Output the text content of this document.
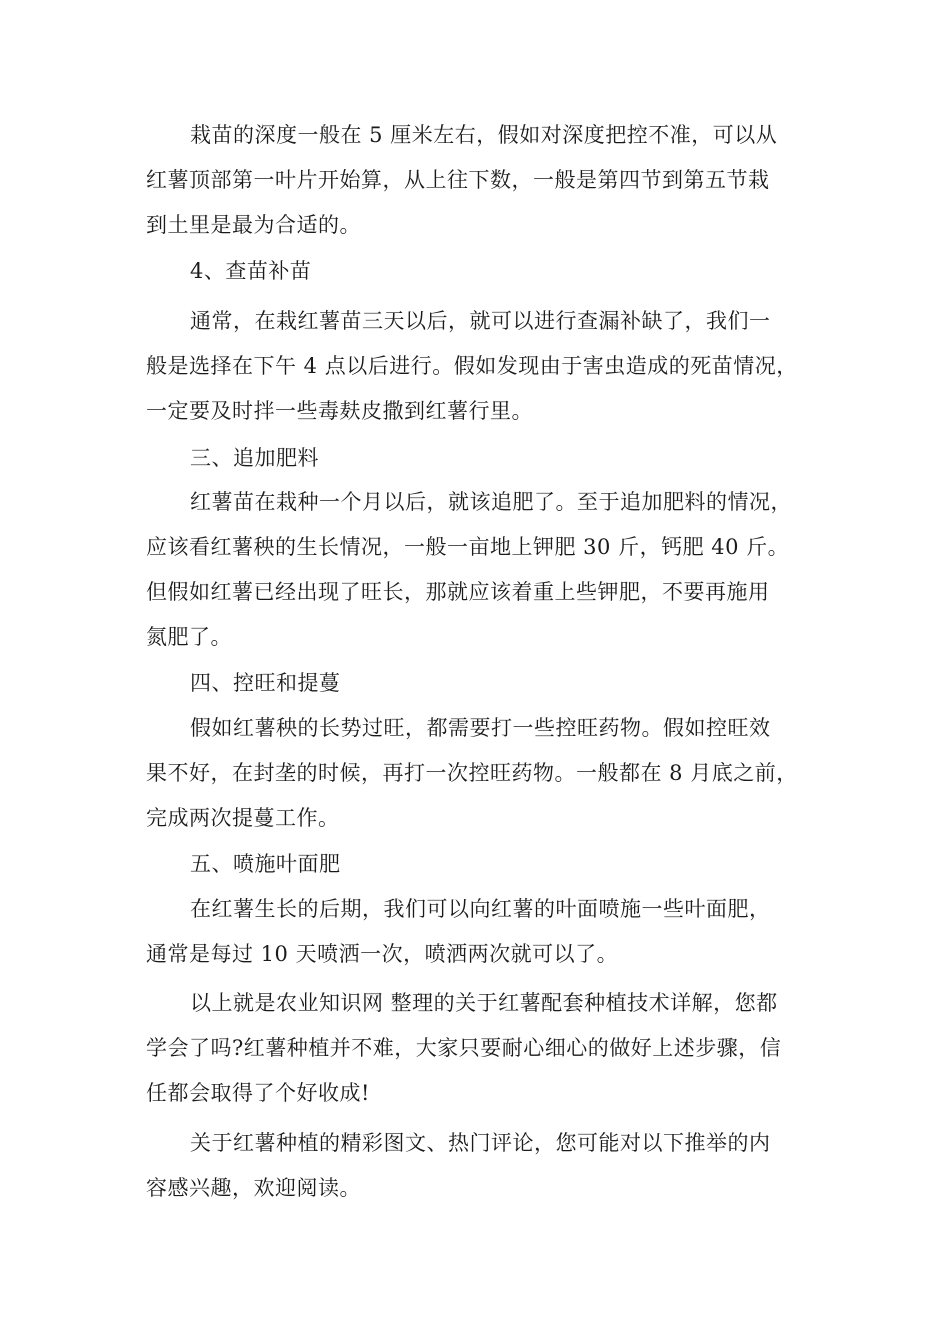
栽苗的深度一般在 5 厘米左右，假如对深度把控不准，可以从
红薯顶部第一叶片开始算，从上往下数，一般是第四节到第五节栽
到土里是最为合适的。
4、查苗补苗
通常，在栽红薯苗三天以后，就可以进行查漏补缺了，我们一
般是选择在下午 4 点以后进行。假如发现由于害虫造成的死苗情况，
一定要及时拌一些毒麸皮撒到红薯行里。
三、追加肥料
红薯苗在栽种一个月以后，就该追肥了。至于追加肥料的情况，
应该看红薯秧的生长情况，一般一亩地上钾肥 30 斤，钙肥 40 斤。
但假如红薯已经出现了旺长，那就应该着重上些钾肥，不要再施用
氮肥了。
四、控旺和提蔓
假如红薯秧的长势过旺，都需要打一些控旺药物。假如控旺效
果不好，在封垄的时候，再打一次控旺药物。一般都在 8 月底之前，
完成两次提蔓工作。
五、喷施叶面肥
在红薯生长的后期，我们可以向红薯的叶面喷施一些叶面肥，
通常是每过 10 天喷洒一次，喷洒两次就可以了。
以上就是农业知识网 整理的关于红薯配套种植技术详解，您都
学会了吗?红薯种植并不难，大家只要耐心细心的做好上述步骤，信
任都会取得了个好收成!
关于红薯种植的精彩图文、热门评论，您可能对以下推举的内
容感兴趣，欢迎阅读。
